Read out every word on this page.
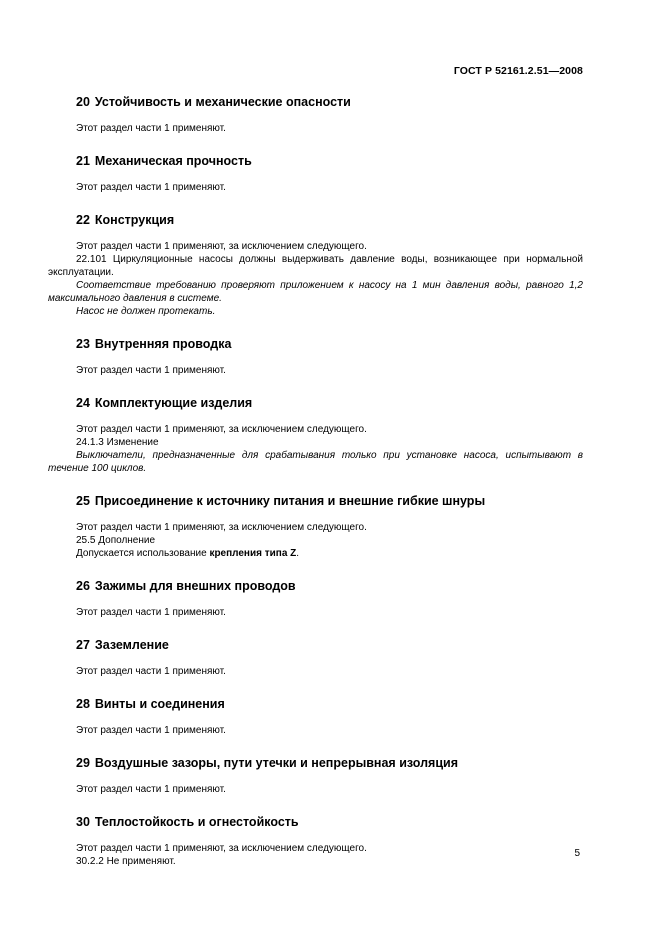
ГОСТ Р 52161.2.51—2008
20 Устойчивость и механические опасности

Этот раздел части 1 применяют.

21 Механическая прочность

Этот раздел части 1 применяют.

22 Конструкция

Этот раздел части 1 применяют, за исключением следующего.

22.101 Циркуляционные насосы должны выдерживать давление воды, возникающее при нормальной эксплуатации.

Соответствие требованию проверяют приложением к насосу на 1 мин давления воды, равного 1,2 максимального давления в системе.

Насос не должен протекать.

23 Внутренняя проводка

Этот раздел части 1 применяют.

24 Комплектующие изделия

Этот раздел части 1 применяют, за исключением следующего.

24.1.3 Изменение

Выключатели, предназначенные для срабатывания только при установке насоса, испытывают в течение 100 циклов.

25 Присоединение к источнику питания и внешние гибкие шнуры

Этот раздел части 1 применяют, за исключением следующего.

25.5 Дополнение

Допускается использование крепления типа Z.

26 Зажимы для внешних проводов

Этот раздел части 1 применяют.

27 Заземление

Этот раздел части 1 применяют.

28 Винты и соединения

Этот раздел части 1 применяют.

29 Воздушные зазоры, пути утечки и непрерывная изоляция

Этот раздел части 1 применяют.

30 Теплостойкость и огнестойкость

Этот раздел части 1 применяют, за исключением следующего.

30.2.2 Не применяют.

5
